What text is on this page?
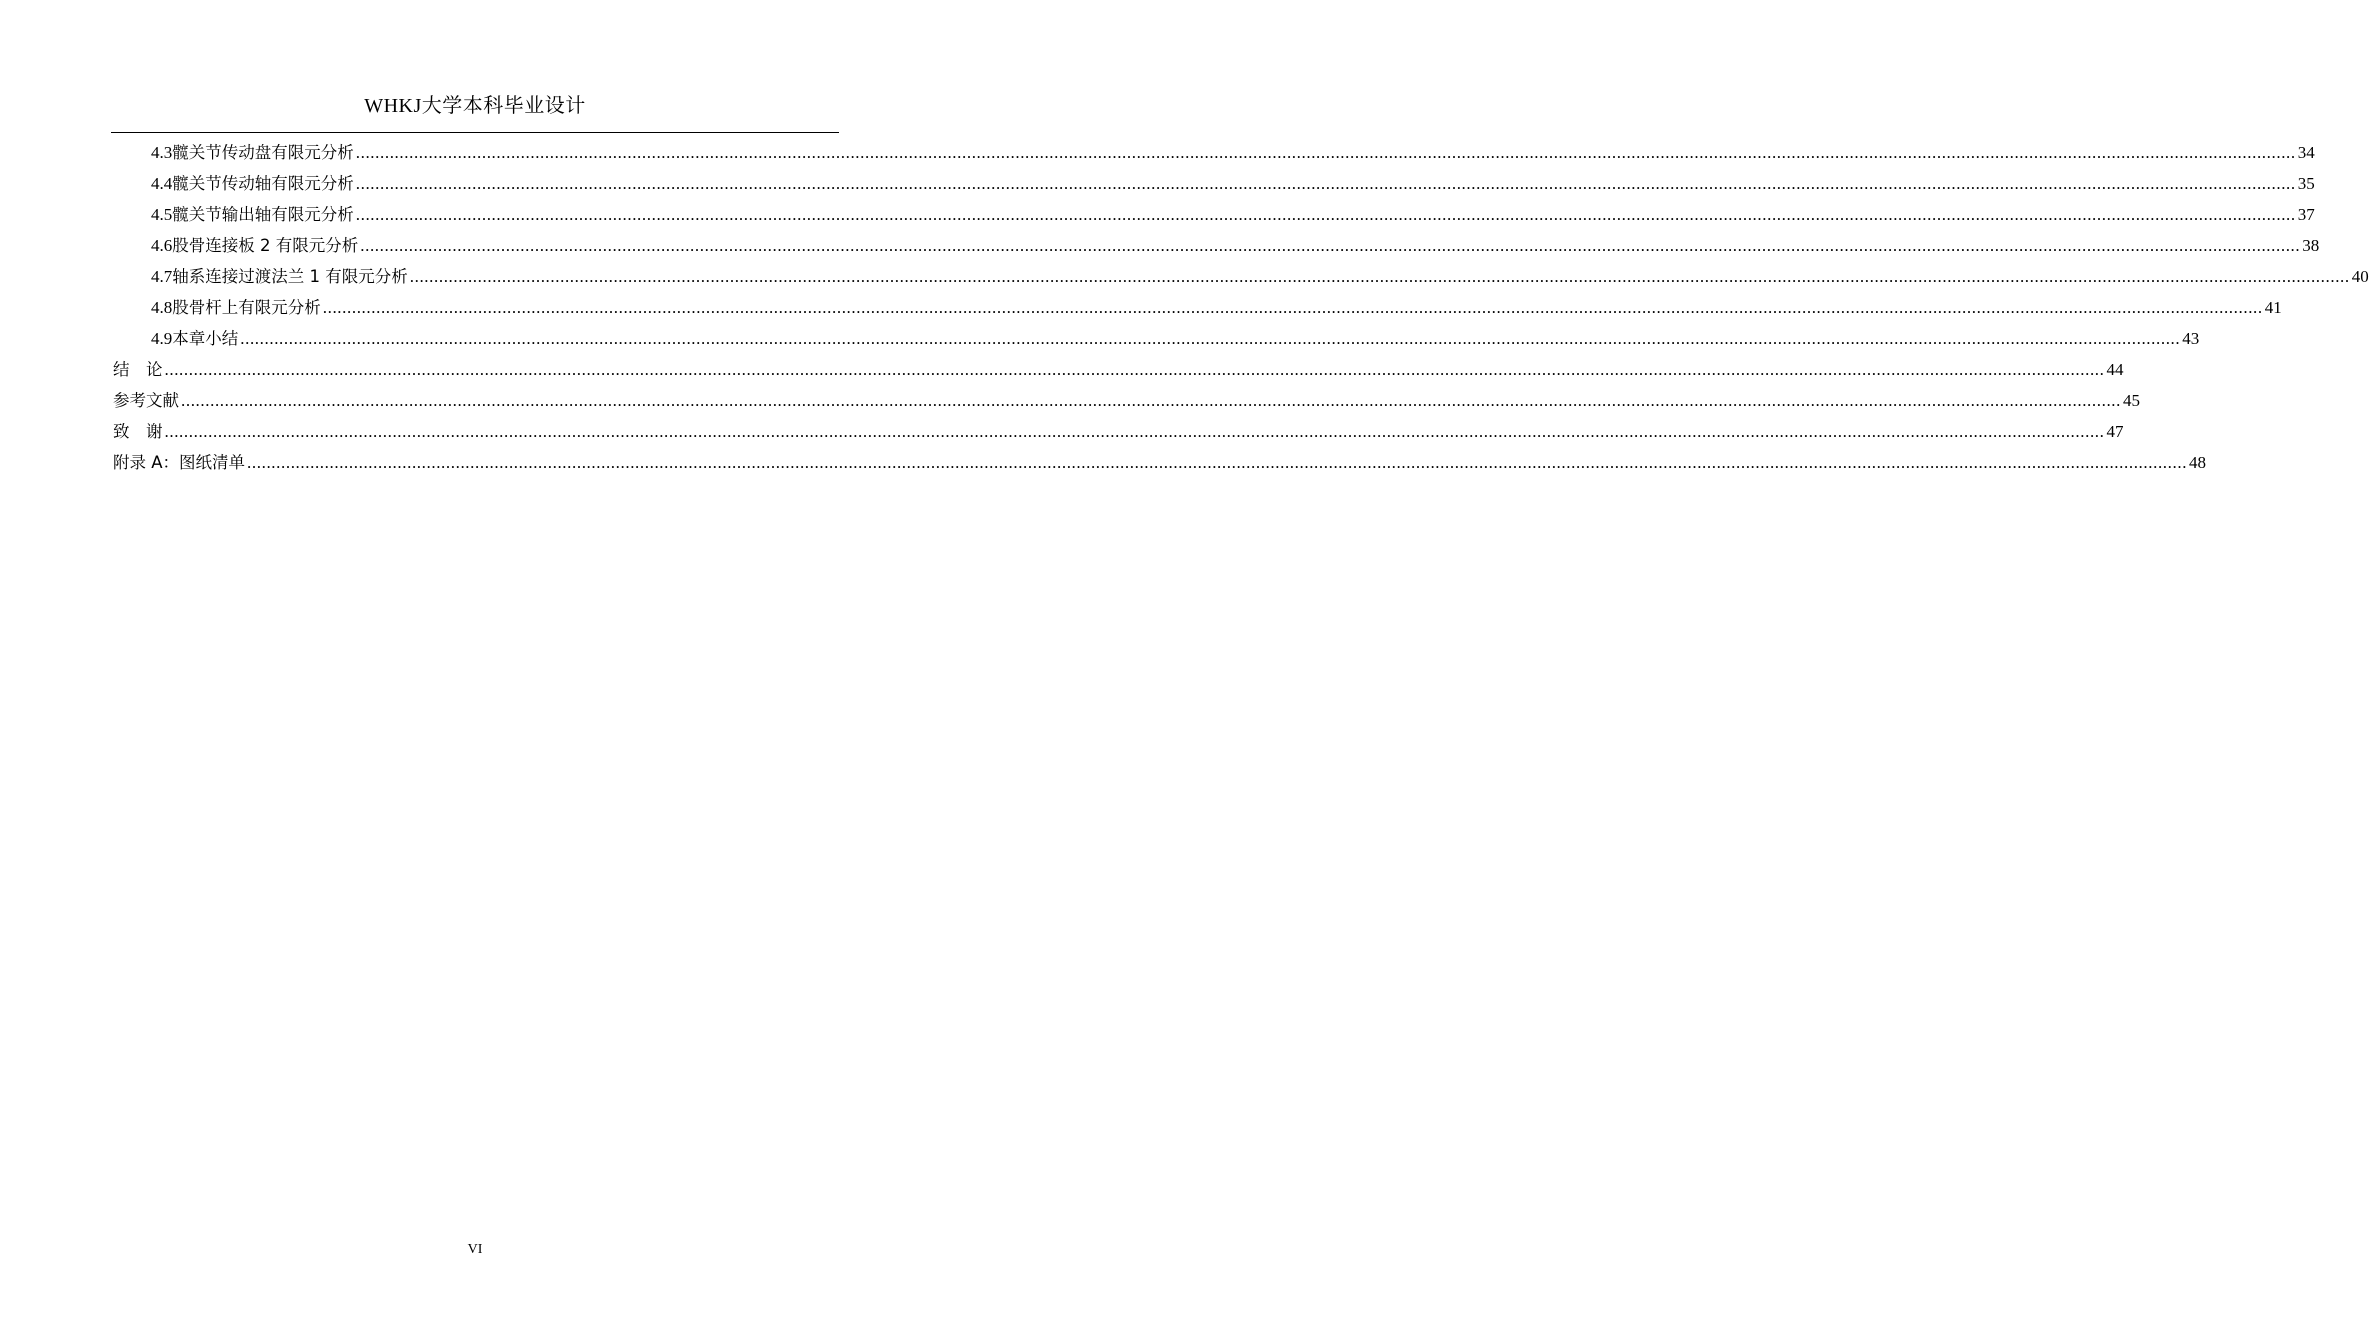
WHKJ大学本科毕业设计
4.3 髋关节传动盘有限元分析 ................................................................................................................................................................................................................................................................................................................................................................................................................ 34
4.4 髋关节传动轴有限元分析 ................................................................................................................................................................................................................................................................................................................................................................................................................ 35
4.5 髋关节输出轴有限元分析 ................................................................................................................................................................................................................................................................................................................................................................................................................ 37
4.6 股骨连接板 2 有限元分析 ................................................................................................................................................................................................................................................................................................................................................................................................................ 38
4.7 轴系连接过渡法兰 1 有限元分析 ................................................................................................................................................................................................................................................................................................................................................................................................................ 40
4.8 股骨杆上有限元分析 ................................................................................................................................................................................................................................................................................................................................................................................................................ 41
4.9 本章小结 ................................................................................................................................................................................................................................................................................................................................................................................................................ 43
结　论 ................................................................................................................................................................................................................................................................................................................................................................................................................ 44
参考文献 ................................................................................................................................................................................................................................................................................................................................................................................................................ 45
致　谢 ................................................................................................................................................................................................................................................................................................................................................................................................................ 47
附录 A：图纸清单 ................................................................................................................................................................................................................................................................................................................................................................................................................ 48
VI
